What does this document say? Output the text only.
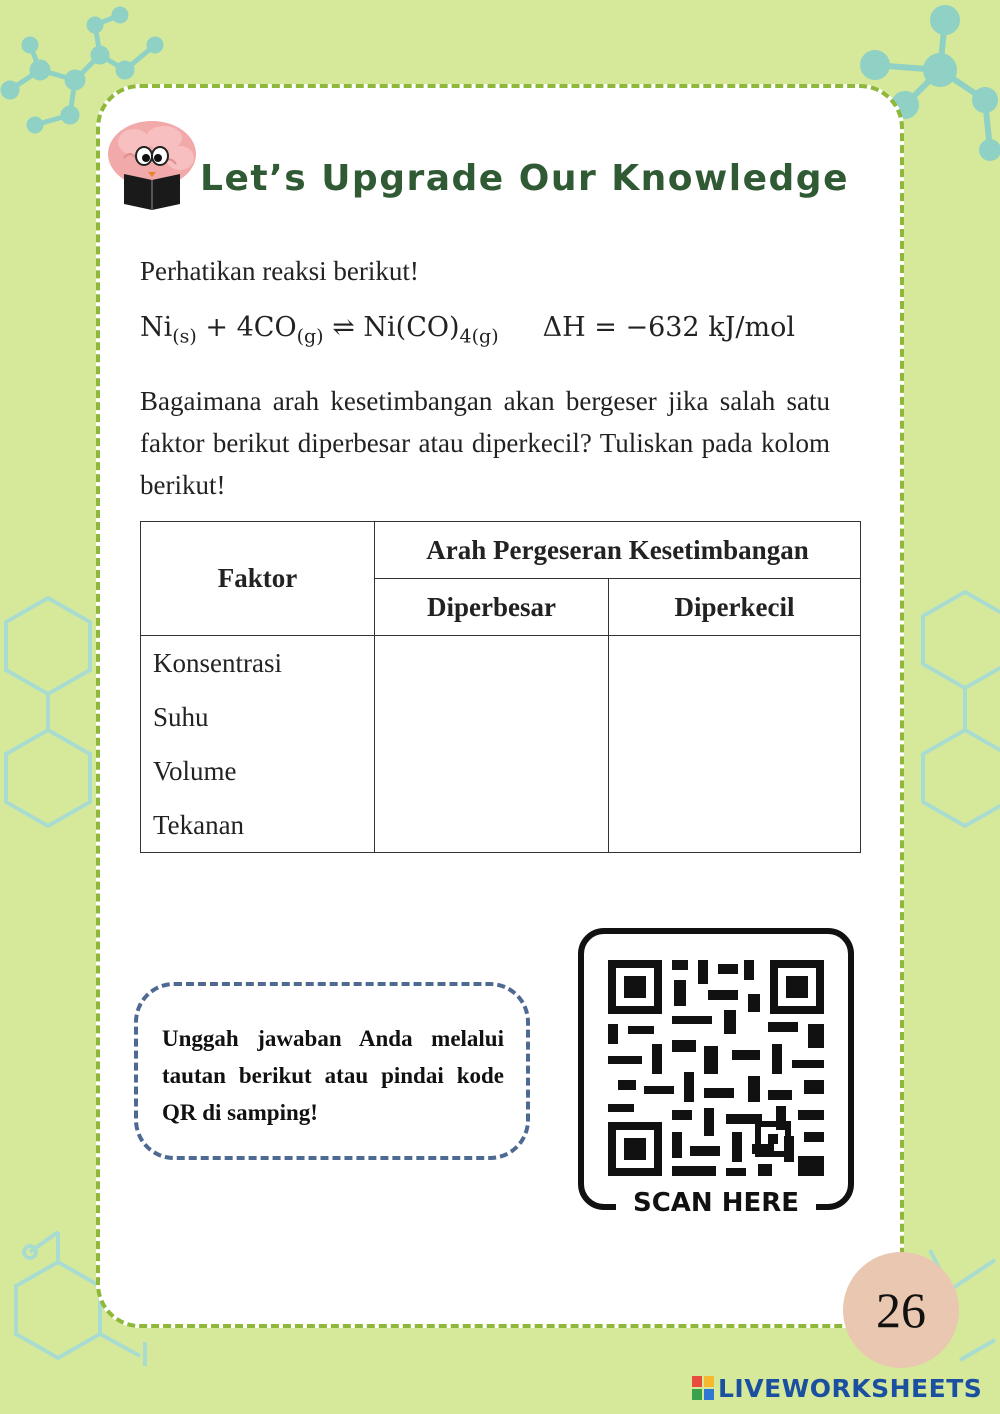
Let’s Upgrade Our Knowledge
Perhatikan reaksi berikut!
$Ni_{(s)} + 4CO_{(g)}$ ⇌ $Ni(CO)_{4(g)}$ ΔH = −632 kJ/mol

Bagaimana arah kesetimbangan akan bergeser jika salah satu faktor berikut diperbesar atau diperkecil? Tuliskan pada kolom berikut!

Faktor	Arah Pergeseran Kesetimbangan	
	Diperbesar	Diperkecil

Konsentrasi
Suhu
Volume
Tekanan		

Unggah jawaban Anda melalui tautan berikut atau pindai kode QR di samping!

SCAN HERE
26
LIVEWORKSHEETS
